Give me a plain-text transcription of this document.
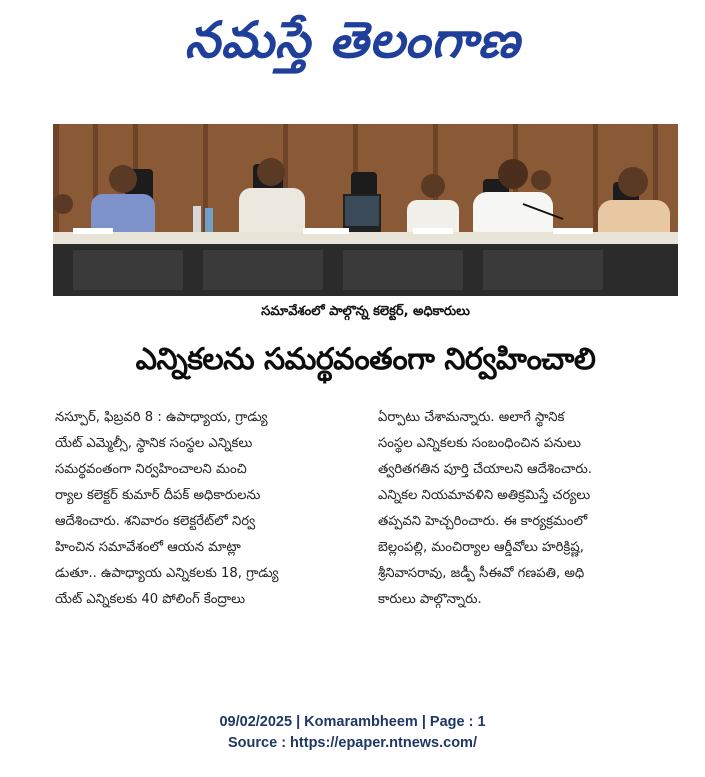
నమస్తే తెలంగాణ
సమావేశంలో పాల్గొన్న కలెక్టర్, అధికారులు
ఎన్నికలను సమర్థవంతంగా నిర్వహించాలి
నస్పూర్, ఫిబ్రవరి 8 : ఉపాధ్యాయ, గ్రాడ్యు
యేట్ ఎమ్మెల్సీ, స్థానిక సంస్థల ఎన్నికలు
సమర్థవంతంగా నిర్వహించాలని మంచి
ర్యాల కలెక్టర్ కుమార్ దీపక్ అధికారులను
ఆదేశించారు. శనివారం కలెక్టరేట్‌లో నిర్వ
హించిన సమావేశంలో ఆయన మాట్లా
డుతూ.. ఉపాధ్యాయ ఎన్నికలకు 18, గ్రాడ్యు
యేట్ ఎన్నికలకు 40 పోలింగ్ కేంద్రాలు
ఏర్పాటు చేశామన్నారు. అలాగే స్థానిక
సంస్థల ఎన్నికలకు సంబంధించిన పనులు
త్వరితగతిన పూర్తి చేయాలని ఆదేశించారు.
ఎన్నికల నియమావళిని అతిక్రమిస్తే చర్యలు
తప్పవని హెచ్చరించారు. ఈ కార్యక్రమంలో
బెల్లంపల్లి, మంచిర్యాల ఆర్డీవోలు హరిక్రిష్ణ,
శ్రీనివాసరావు, జడ్పీ సీఈవో గణపతి, అధి
కారులు పాల్గొన్నారు.
09/02/2025 | Komarambheem | Page : 1
Source : https://epaper.ntnews.com/
